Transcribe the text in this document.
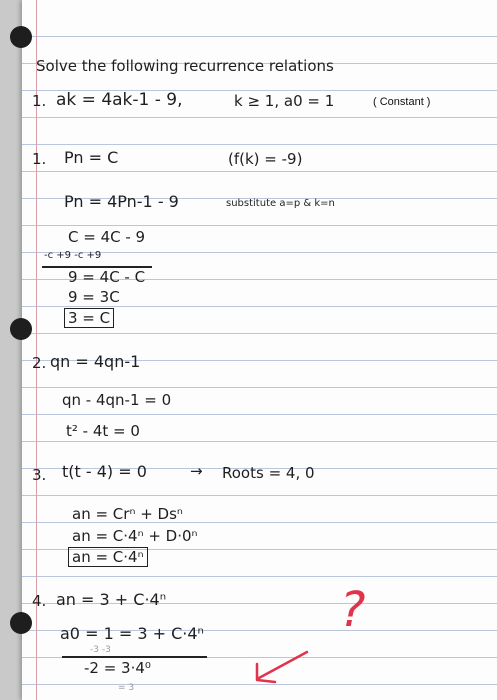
Solve the following recurrence relations
1. ak = 4ak-1 - 9,	k ≥ 1, a0 = 1	( Constant )
1. Pn = C	(f(k) = -9)
Pn = 4Pn-1 - 9	substitute a=p & k=n
C = 4C - 9
-c +9 -c +9
9 = 4C - C
9 = 3C
3 = C
2. qn = 4qn-1
qn - 4qn-1 = 0
t² - 4t = 0
3. t(t - 4) = 0	→ Roots = 4, 0
an = Crⁿ + Dsⁿ
an = C·4ⁿ + D·0ⁿ
an = C·4ⁿ
4. an = 3 + C·4ⁿ
a0 = 1 = 3 + C·4ⁿ
-3 -3
-2 = 3·4⁰
= 3
?
